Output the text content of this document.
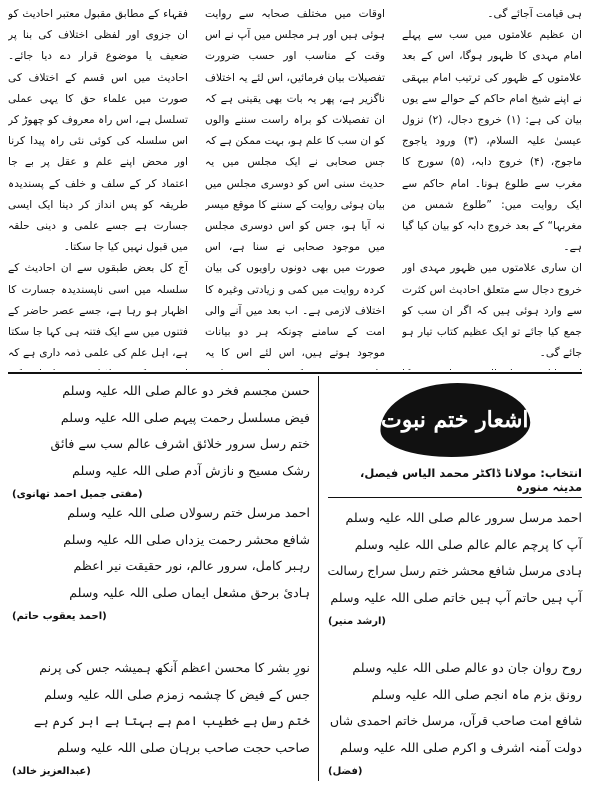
ہی قیامت آجائے گی۔

ان عظیم علامتوں میں سب سے پہلے امام مہدی کا ظہور ہوگا، اس کے بعد علامتوں کے ظہور کی ترتیب امام بیہقی نے اپنے شیخ امام حاکم کے حوالے سے یوں بیان کی ہے: (۱) خروج دجال، (۲) نزول عیسیٰ علیہ السلام، (۳) ورود یاجوج ماجوج، (۴) خروج دابہ، (۵) سورج کا مغرب سے طلوع ہونا۔ امام حاکم سے ایک روایت میں: ”طلوع شمس من مغربہا“ کے بعد خروج دابہ کو بیان کیا گیا ہے۔

ان ساری علامتوں میں ظہور مہدی اور خروج دجال سے متعلق احادیث اس کثرت سے وارد ہوئی ہیں کہ اگر ان سب کو جمع کیا جائے تو ایک عظیم کتاب تیار ہو جائے گی۔

اوقات میں مختلف صحابہ سے روایت ہوئی ہیں اور ہر مجلس میں آپ نے اس وقت کے مناسب اور حسب ضرورت تفصیلات بیان فرمائیں، اس لئے یہ اختلاف ناگزیر ہے، پھر یہ بات بھی یقینی ہے کہ ان تفصیلات کو براہ راست سننے والوں کو ان سب کا علم ہو، بہت ممکن ہے کہ جس صحابی نے ایک مجلس میں یہ حدیث سنی اس کو دوسری مجلس میں بیان ہوئی روایت کے سننے کا موقع میسر نہ آیا ہو، جس کو اس دوسری مجلس میں موجود صحابی نے سنا ہے، اس صورت میں بھی دونوں راویوں کی بیان کردہ روایت میں کمی و زیادتی وغیرہ کا اختلاف لازمی ہے۔ اب بعد میں آنے والی امت کے سامنے چونکہ ہر دو بیانات موجود ہوتے ہیں، اس لئے اس کا یہ

فقہاء کے مطابق مقبول معتبر احادیث کو ان جزوی اور لفظی اختلاف کی بنا پر ضعیف یا موضوع قرار دے دیا جائے۔ احادیث میں اس قسم کے اختلاف کی صورت میں علماء حق کا یہی عملی تسلسل ہے، اس راہ معروف کو چھوڑ کر اس سلسلہ کی کوئی نئی راہ پیدا کرنا اور محض اپنے علم و عقل پر بے جا اعتماد کر کے سلف و خلف کے پسندیدہ طریقہ کو پس انداز کر دینا ایک ایسی جسارت ہے جسے علمی و دینی حلقہ میں قبول نہیں کیا جا سکتا۔

آج کل بعض طبقوں سے ان احادیث کے سلسلہ میں اسی ناپسندیدہ جسارت کا اظہار ہو رہا ہے، جسے عصر حاضر کے فتنوں میں سے ایک فتنہ ہی کہا جا سکتا ہے، اہل علم کی علمی ذمہ داری ہے کہ

اشعار ختم نبوت
انتخاب: مولانا ڈاکٹر محمد الیاس فیصل، مدینہ منورہ
احمد مرسل سرور عالم صلی اللہ علیہ وسلم
آپ کا پرچم عالم عالم صلی اللہ علیہ وسلم
ہادی مرسل شافع محشر ختم رسل سراج رسالت
آپ ہیں حاتم آپ ہیں خاتم صلی اللہ علیہ وسلم
(ارشد منیر)
روح روان جان دو عالم صلی اللہ علیہ وسلم
رونق بزم ماہ انجم صلی اللہ علیہ وسلم
شافع امت صاحب قرآں، مرسل خاتم احمدی شاں
دولت آمنہ اشرف و اکرم صلی اللہ علیہ وسلم
(فضل)
حسن مجسم فخر دو عالم صلی اللہ علیہ وسلم
فیض مسلسل رحمت پیہم صلی اللہ علیہ وسلم
ختم رسل سرور خلائق اشرف عالم سب سے فائق
رشک مسیح و نازش آدم صلی اللہ علیہ وسلم
(مفتی جمیل احمد تھانوی)
احمد مرسل ختم رسولاں صلی اللہ علیہ وسلم
شافع محشر رحمت یزداں صلی اللہ علیہ وسلم
رہبر کامل، سرور عالم، نور حقیقت نیر اعظم
ہادئ برحق مشعل ایماں صلی اللہ علیہ وسلم
(احمد یعقوب حاتم)
نورِ بشر کا محسن اعظم آنکھ ہمیشہ جس کی پرنم
جس کے فیض کا چشمہ زمزم صلی اللہ علیہ وسلم
ختم رسل ہے خطیب امم ہے بہتا ہے ابر کرم ہے
صاحب حجت صاحب برہان صلی اللہ علیہ وسلم
(عبدالعزیز خالد)
